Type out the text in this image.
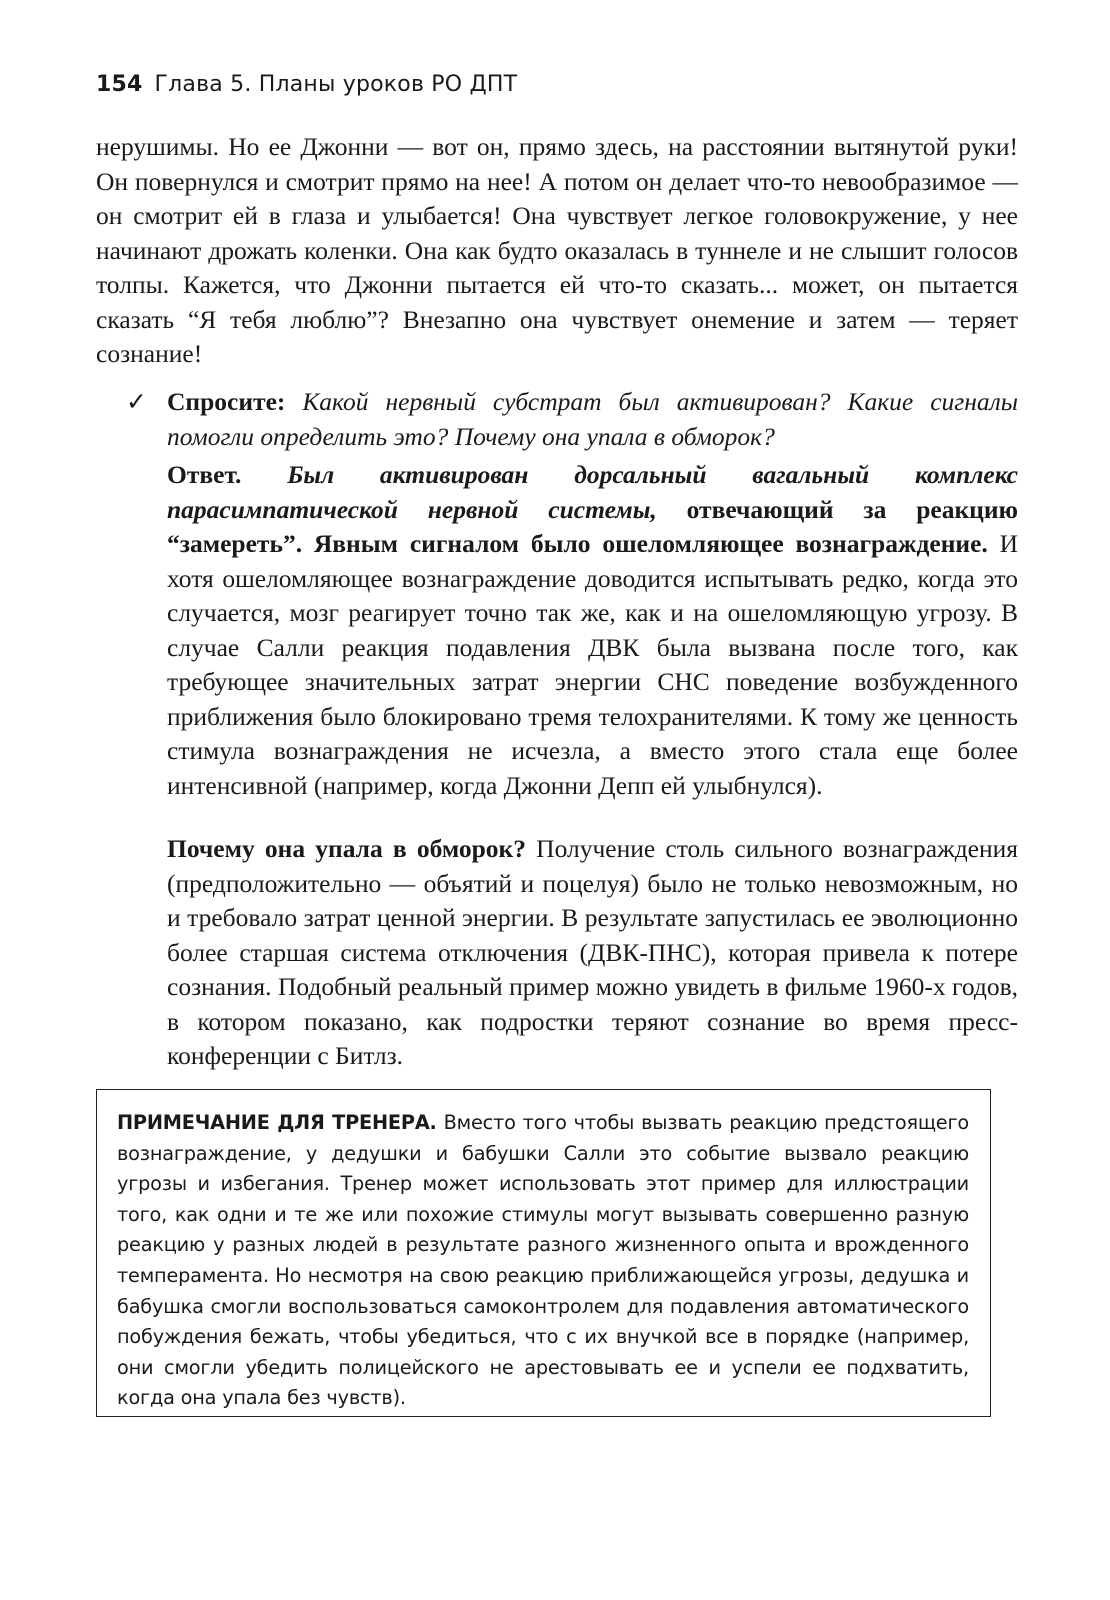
154 Глава 5. Планы уроков РО ДПТ

нерушимы. Но ее Джонни — вот он, прямо здесь, на расстоянии вытянутой руки! Он повернулся и смотрит прямо на нее! А потом он делает что-то невообразимое — он смотрит ей в глаза и улыбается! Она чувствует легкое головокружение, у нее начинают дрожать коленки. Она как будто оказалась в туннеле и не слышит голосов толпы. Кажется, что Джонни пытается ей что-то сказать... может, он пытается сказать “Я тебя люблю”? Внезапно она чувствует онемение и затем — теряет сознание!

✓ Спросите: Какой нервный субстрат был активирован? Какие сигналы помогли определить это? Почему она упала в обморок?

Ответ. Был активирован дорсальный вагальный комплекс парасимпатической нервной системы, отвечающий за реакцию “замереть”. Явным сигналом было ошеломляющее вознаграждение. И хотя ошеломляющее вознаграждение доводится испытывать редко, когда это случается, мозг реагирует точно так же, как и на ошеломляющую угрозу. В случае Салли реакция подавления ДВК была вызвана после того, как требующее значительных затрат энергии СНС поведение возбужденного приближения было блокировано тремя телохранителями. К тому же ценность стимула вознаграждения не исчезла, а вместо этого стала еще более интенсивной (например, когда Джонни Депп ей улыбнулся).

Почему она упала в обморок? Получение столь сильного вознаграждения (предположительно — объятий и поцелуя) было не только невозможным, но и требовало затрат ценной энергии. В результате запустилась ее эволюционно более старшая система отключения (ДВК-ПНС), которая привела к потере сознания. Подобный реальный пример можно увидеть в фильме 1960-х годов, в котором показано, как подростки теряют сознание во время пресс-конференции с Битлз.

ПРИМЕЧАНИЕ ДЛЯ ТРЕНЕРА. Вместо того чтобы вызвать реакцию предстоящего вознаграждение, у дедушки и бабушки Салли это событие вызвало реакцию угрозы и избегания. Тренер может использовать этот пример для иллюстрации того, как одни и те же или похожие стимулы могут вызывать совершенно разную реакцию у разных людей в результате разного жизненного опыта и врожденного темперамента. Но несмотря на свою реакцию приближающейся угрозы, дедушка и бабушка смогли воспользоваться самоконтролем для подавления автоматического побуждения бежать, чтобы убедиться, что с их внучкой все в порядке (например, они смогли убедить полицейского не арестовывать ее и успели ее подхватить, когда она упала без чувств).
